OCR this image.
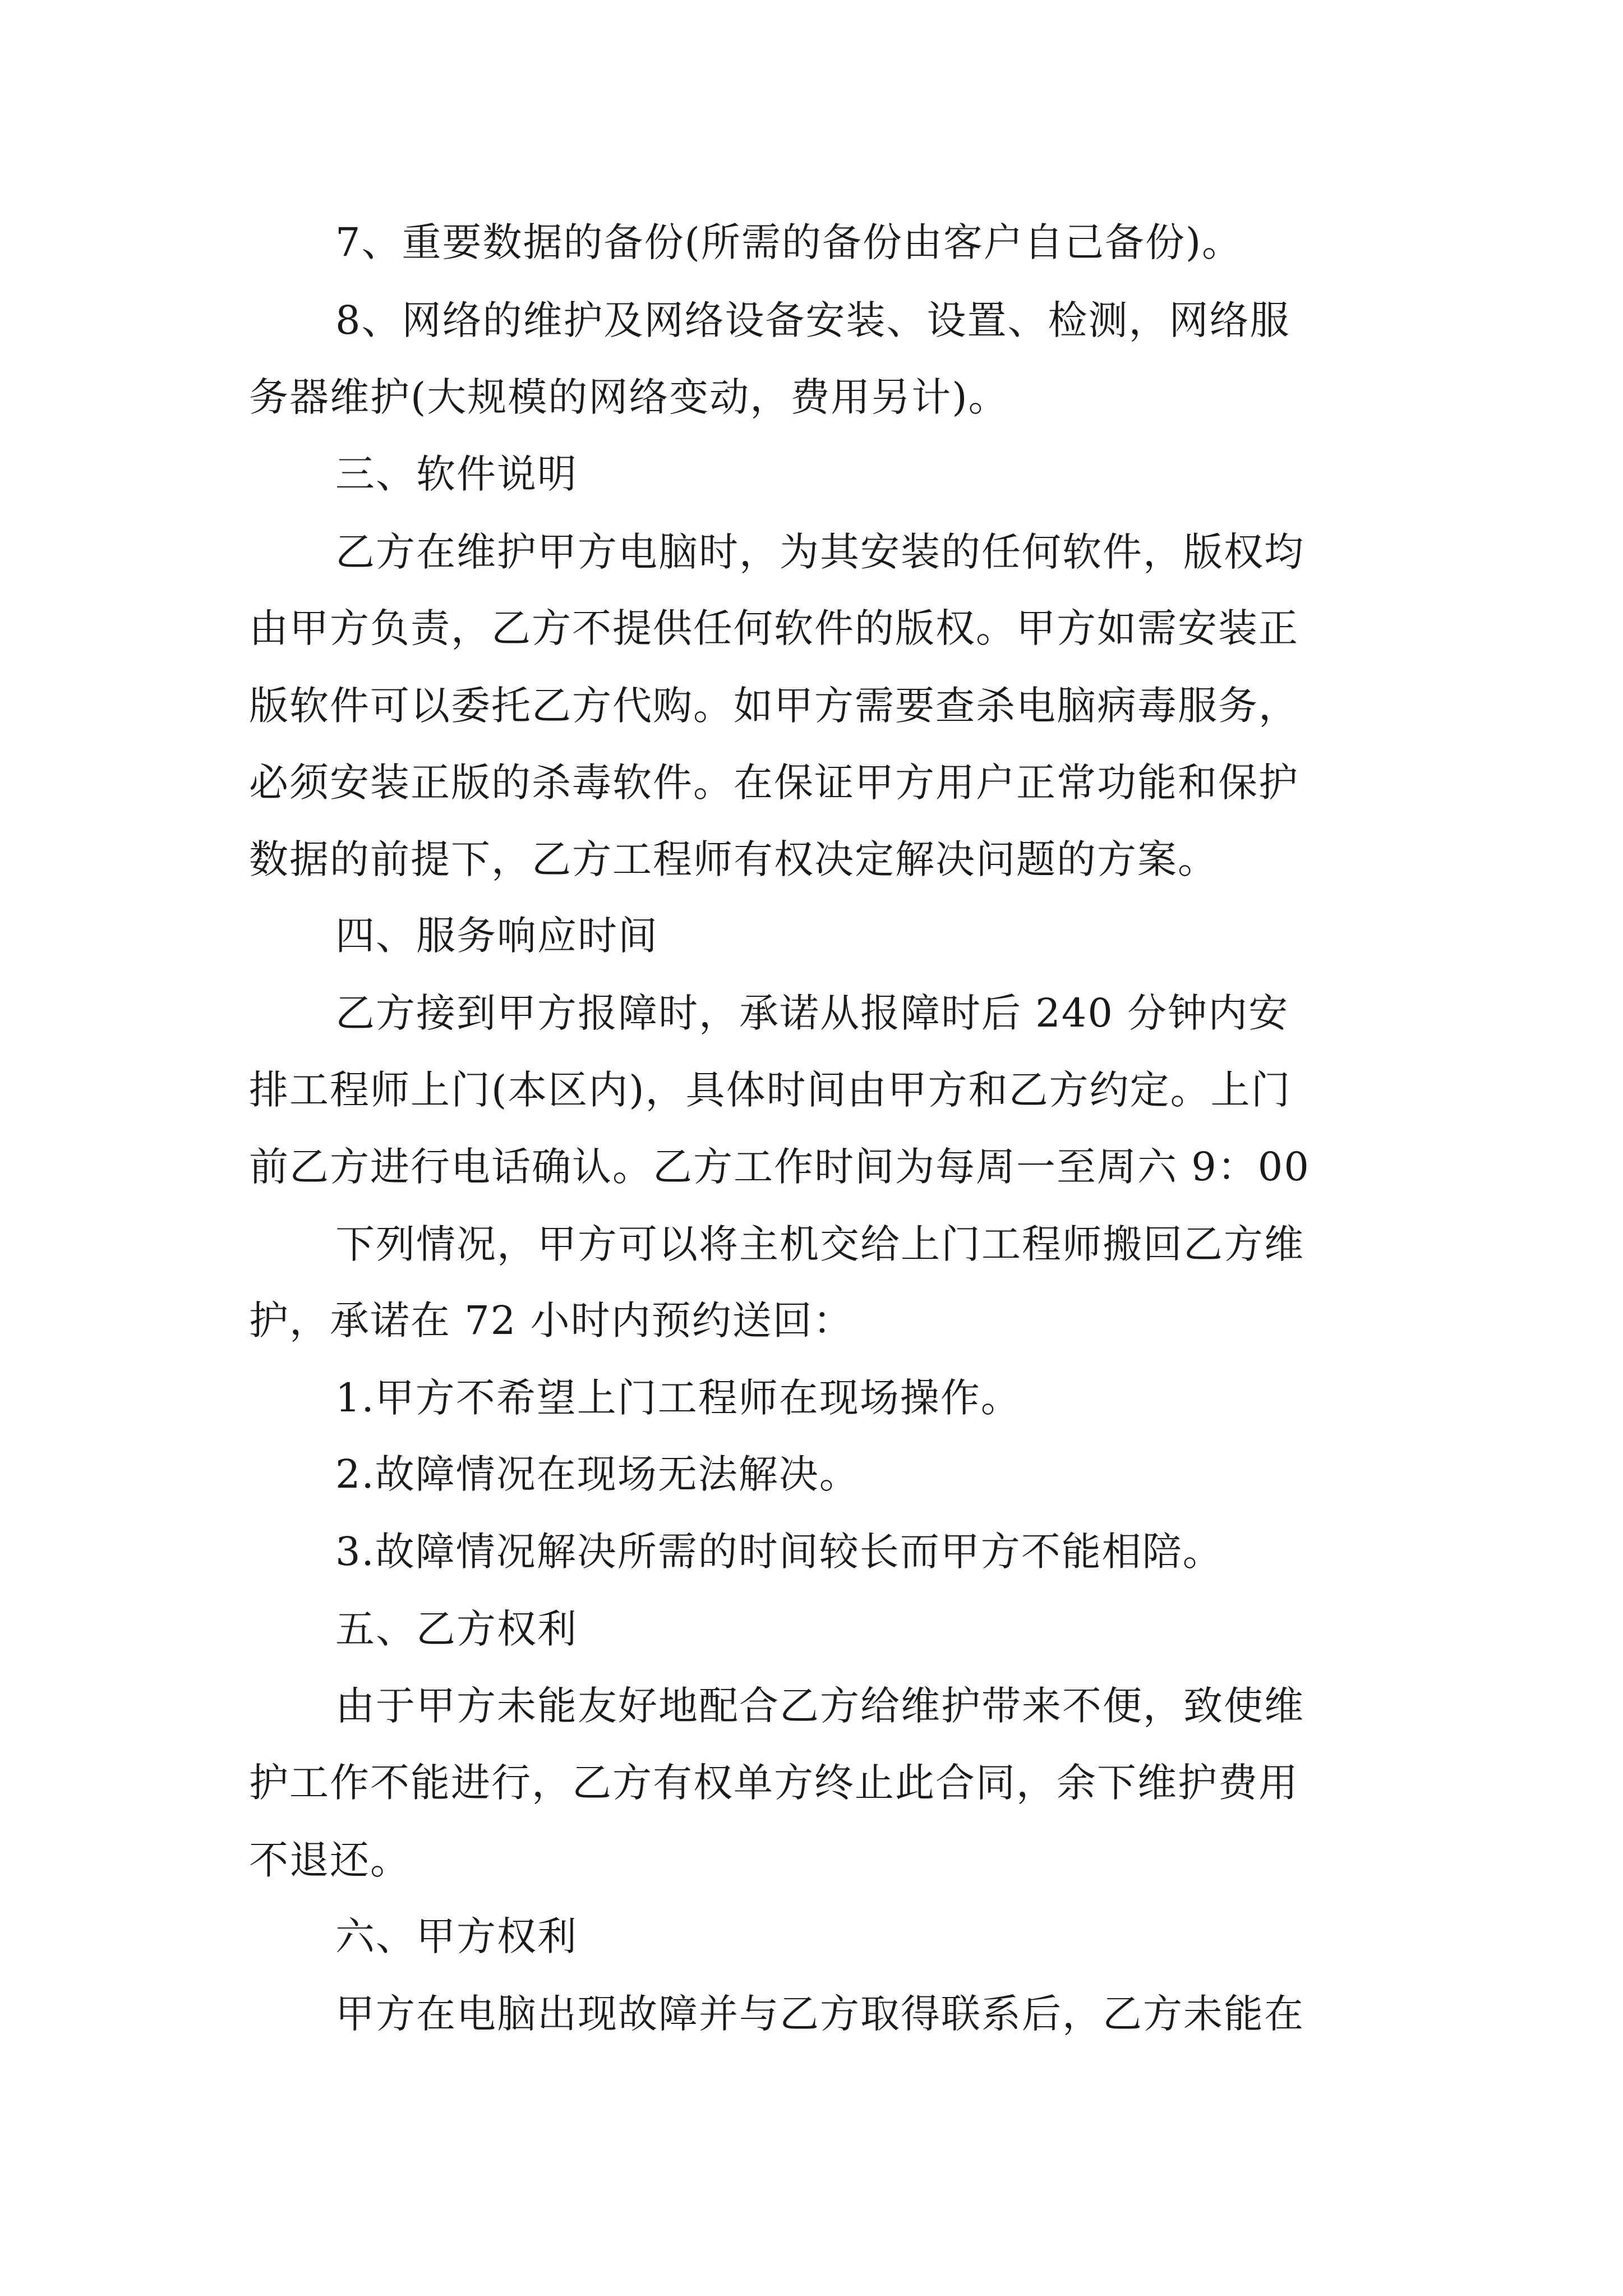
7、重要数据的备份(所需的备份由客户自己备份)。
8、网络的维护及网络设备安装、设置、检测，网络服
务器维护(大规模的网络变动，费用另计)。
三、软件说明
乙方在维护甲方电脑时，为其安装的任何软件，版权均
由甲方负责，乙方不提供任何软件的版权。甲方如需安装正
版软件可以委托乙方代购。如甲方需要查杀电脑病毒服务，
必须安装正版的杀毒软件。在保证甲方用户正常功能和保护
数据的前提下，乙方工程师有权决定解决问题的方案。
四、服务响应时间
乙方接到甲方报障时，承诺从报障时后 240 分钟内安
排工程师上门(本区内)，具体时间由甲方和乙方约定。上门
前乙方进行电话确认。乙方工作时间为每周一至周六 9：00
下列情况，甲方可以将主机交给上门工程师搬回乙方维
护，承诺在 72 小时内预约送回：
1.甲方不希望上门工程师在现场操作。
2.故障情况在现场无法解决。
3.故障情况解决所需的时间较长而甲方不能相陪。
五、乙方权利
由于甲方未能友好地配合乙方给维护带来不便，致使维
护工作不能进行，乙方有权单方终止此合同，余下维护费用
不退还。
六、甲方权利
甲方在电脑出现故障并与乙方取得联系后，乙方未能在
